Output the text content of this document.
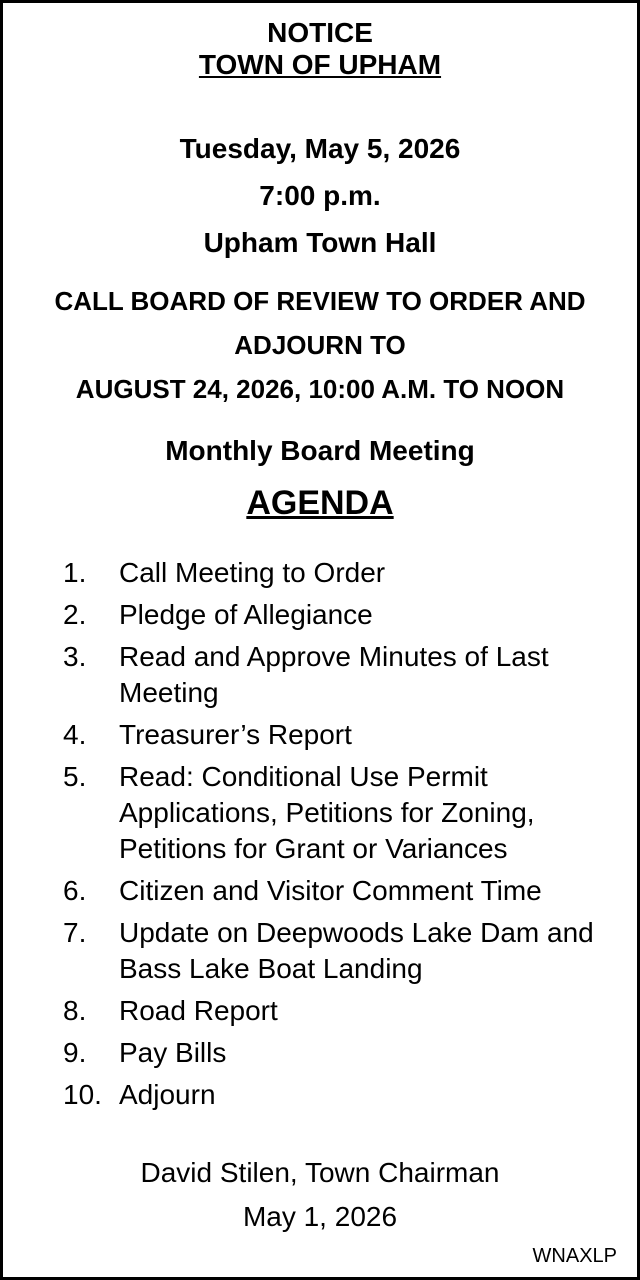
NOTICE
TOWN OF UPHAM
Tuesday, May 5, 2026
7:00 p.m.
Upham Town Hall
CALL BOARD OF REVIEW TO ORDER AND
ADJOURN TO
AUGUST 24, 2026, 10:00 A.M. TO NOON
Monthly Board Meeting
AGENDA
1.	Call Meeting to Order
2.	Pledge of Allegiance
3.	Read and Approve Minutes of Last Meeting
4.	Treasurer’s Report
5.	Read: Conditional Use Permit Applications, Petitions for Zoning, Petitions for Grant or Variances
6.	Citizen and Visitor Comment Time
7.	Update on Deepwoods Lake Dam and Bass Lake Boat Landing
8.	Road Report
9.	Pay Bills
10. Adjourn
David Stilen, Town Chairman
May 1, 2026
WNAXLP
